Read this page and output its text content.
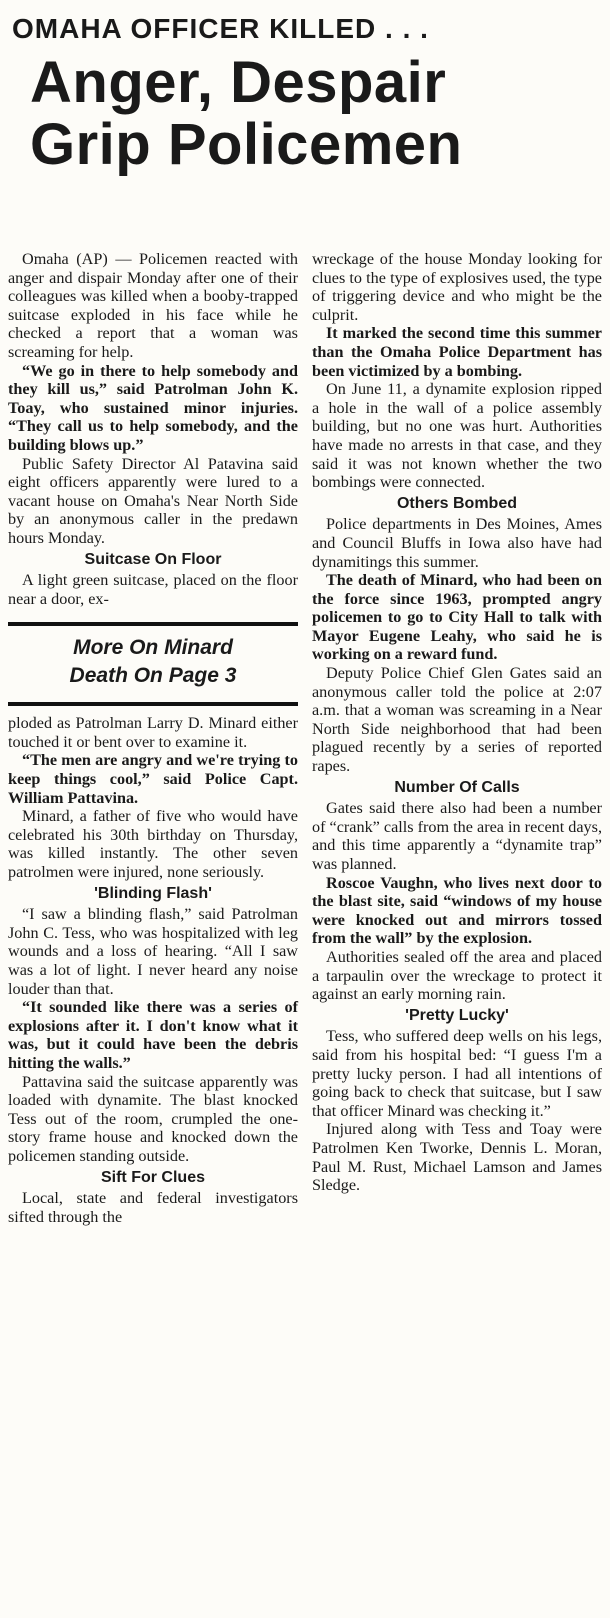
OMAHA OFFICER KILLED . . .
Anger, Despair
Grip Policemen

Omaha (AP) — Policemen reacted with anger and dispair Monday after one of their colleagues was killed when a booby-trapped suitcase exploded in his face while he checked a report that a woman was screaming for help.

“We go in there to help somebody and they kill us,” said Patrolman John K. Toay, who sustained minor injuries. “They call us to help somebody, and the building blows up.”

Public Safety Director Al Patavina said eight officers apparently were lured to a vacant house on Omaha's Near North Side by an anonymous caller in the predawn hours Monday.

Suitcase On Floor

A light green suitcase, placed on the floor near a door, ex-

More On Minard
Death On Page 3

ploded as Patrolman Larry D. Minard either touched it or bent over to examine it.

“The men are angry and we're trying to keep things cool,” said Police Capt. William Pattavina.

Minard, a father of five who would have celebrated his 30th birthday on Thursday, was killed instantly. The other seven patrolmen were injured, none seriously.

'Blinding Flash'

“I saw a blinding flash,” said Patrolman John C. Tess, who was hospitalized with leg wounds and a loss of hearing. “All I saw was a lot of light. I never heard any noise louder than that.

“It sounded like there was a series of explosions after it. I don't know what it was, but it could have been the debris hitting the walls.”

Pattavina said the suitcase apparently was loaded with dynamite. The blast knocked Tess out of the room, crumpled the one-story frame house and knocked down the policemen standing outside.

Sift For Clues

Local, state and federal investigators sifted through the

wreckage of the house Monday looking for clues to the type of explosives used, the type of triggering device and who might be the culprit.

It marked the second time this summer than the Omaha Police Department has been victimized by a bombing.

On June 11, a dynamite explosion ripped a hole in the wall of a police assembly building, but no one was hurt. Authorities have made no arrests in that case, and they said it was not known whether the two bombings were connected.

Others Bombed

Police departments in Des Moines, Ames and Council Bluffs in Iowa also have had dynamitings this summer.

The death of Minard, who had been on the force since 1963, prompted angry policemen to go to City Hall to talk with Mayor Eugene Leahy, who said he is working on a reward fund.

Deputy Police Chief Glen Gates said an anonymous caller told the police at 2:07 a.m. that a woman was screaming in a Near North Side neighborhood that had been plagued recently by a series of reported rapes.

Number Of Calls

Gates said there also had been a number of “crank” calls from the area in recent days, and this time apparently a “dynamite trap” was planned.

Roscoe Vaughn, who lives next door to the blast site, said “windows of my house were knocked out and mirrors tossed from the wall” by the explosion.

Authorities sealed off the area and placed a tarpaulin over the wreckage to protect it against an early morning rain.

'Pretty Lucky'

Tess, who suffered deep wells on his legs, said from his hospital bed: “I guess I'm a pretty lucky person. I had all intentions of going back to check that suitcase, but I saw that officer Minard was checking it.”

Injured along with Tess and Toay were Patrolmen Ken Tworke, Dennis L. Moran, Paul M. Rust, Michael Lamson and James Sledge.
